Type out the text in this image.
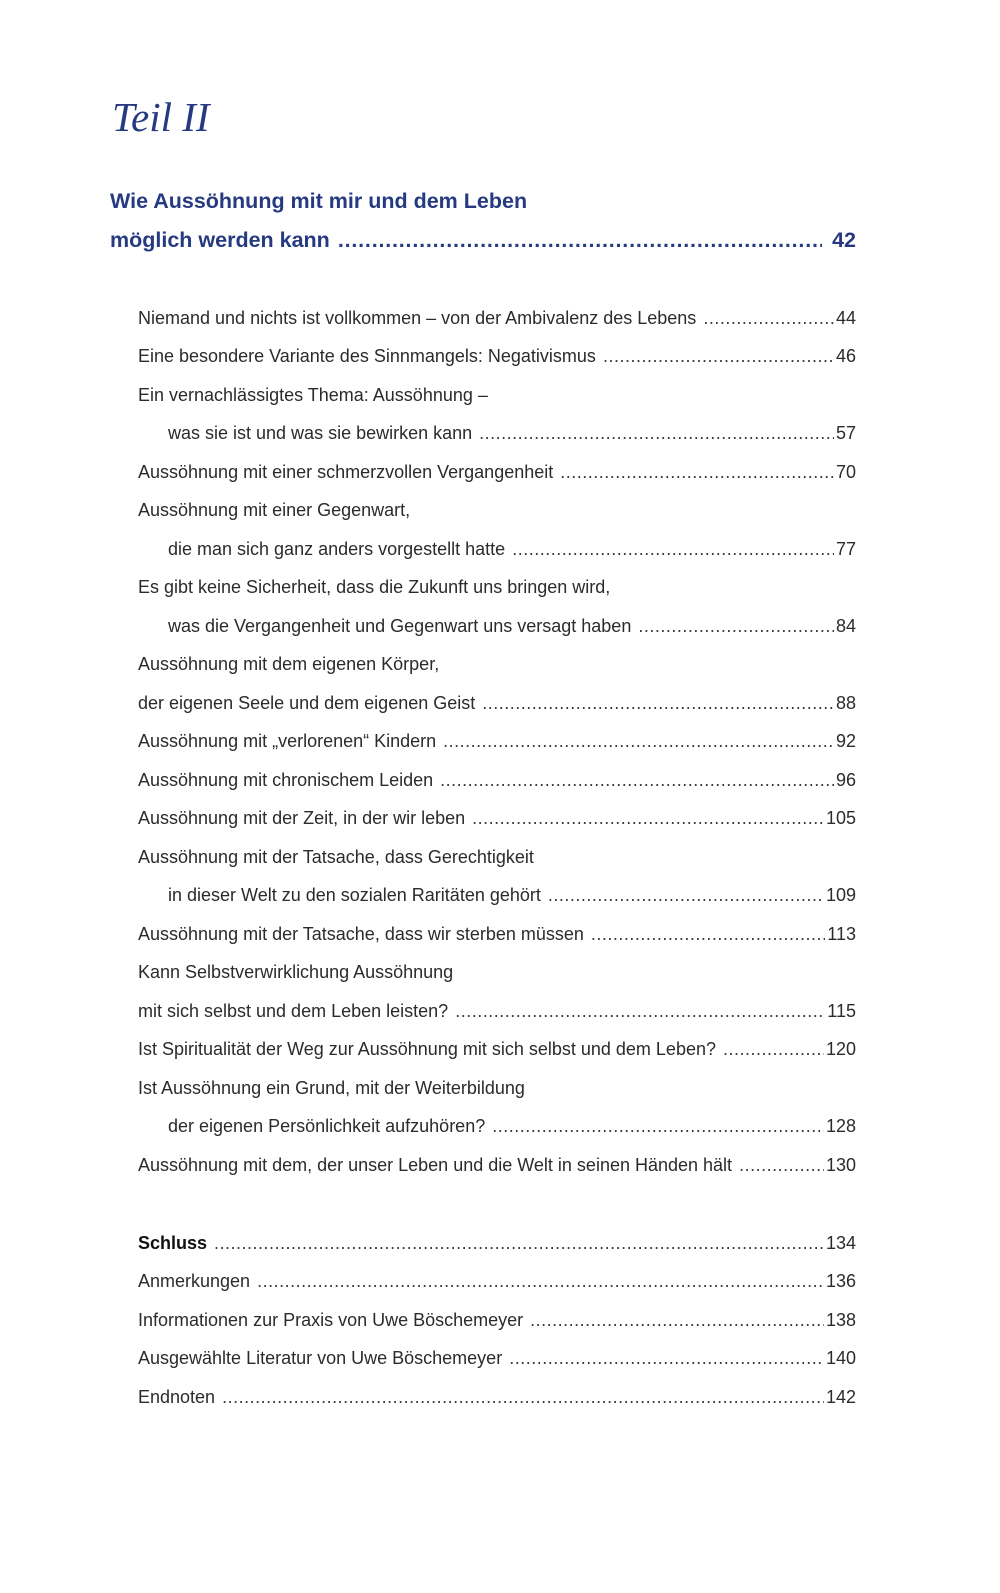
Teil II
Wie Aussöhnung mit mir und dem Leben
möglich werden kann .....	42
Niemand und nichts ist vollkommen – von der Ambivalenz des Lebens .....	44
Eine besondere Variante des Sinnmangels: Negativismus .....	46
Ein vernachlässigtes Thema: Aussöhnung –
was sie ist und was sie bewirken kann .....	57
Aussöhnung mit einer schmerzvollen Vergangenheit .....	70
Aussöhnung mit einer Gegenwart,
die man sich ganz anders vorgestellt hatte .....	77
Es gibt keine Sicherheit, dass die Zukunft uns bringen wird,
was die Vergangenheit und Gegenwart uns versagt haben .....	84
Aussöhnung mit dem eigenen Körper,
der eigenen Seele und dem eigenen Geist .....	88
Aussöhnung mit „verlorenen“ Kindern .....	92
Aussöhnung mit chronischem Leiden .....	96
Aussöhnung mit der Zeit, in der wir leben .....	105
Aussöhnung mit der Tatsache, dass Gerechtigkeit
in dieser Welt zu den sozialen Raritäten gehört .....	109
Aussöhnung mit der Tatsache, dass wir sterben müssen .....	113
Kann Selbstverwirklichung Aussöhnung
mit sich selbst und dem Leben leisten? .....	115
Ist Spiritualität der Weg zur Aussöhnung mit sich selbst und dem Leben? .....	120
Ist Aussöhnung ein Grund, mit der Weiterbildung
der eigenen Persönlichkeit aufzuhören? .....	128
Aussöhnung mit dem, der unser Leben und die Welt in seinen Händen hält .....	130
Schluss .....	134
Anmerkungen .....	136
Informationen zur Praxis von Uwe Böschemeyer .....	138
Ausgewählte Literatur von Uwe Böschemeyer .....	140
Endnoten .....	142
